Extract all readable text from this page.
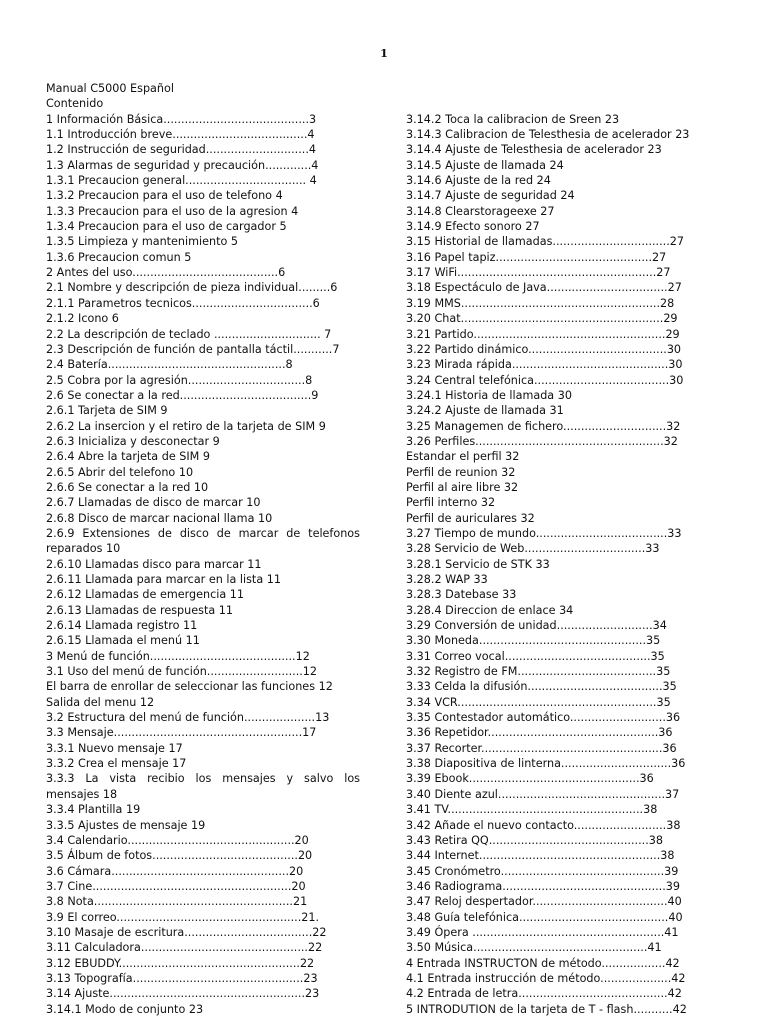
1
Manual C5000 Español
Contenido
1 Información Básica.........................................3
1.1 Introducción breve......................................4
1.2 Instrucción de seguridad.............................4
1.3 Alarmas de seguridad y precaución.............4
1.3.1 Precaucion general.................................. 4
1.3.2 Precaucion para el uso de telefono 4
1.3.3 Precaucion para el uso de la agresion 4
1.3.4 Precaucion para el uso de cargador 5
1.3.5 Limpieza y mantenimiento 5
1.3.6 Precaucion comun 5
2 Antes del uso.........................................6
2.1 Nombre y descripción de pieza individual.........6
2.1.1 Parametros tecnicos..................................6
2.1.2 Icono 6
2.2 La descripción de teclado .............................. 7
2.3 Descripción de función de pantalla táctil...........7
2.4 Batería..................................................8
2.5 Cobra por la agresión.................................8
2.6 Se conectar a la red.....................................9
2.6.1 Tarjeta de SIM 9
2.6.2 La insercion y el retiro de la tarjeta de SIM 9
2.6.3 Inicializa y desconectar 9
2.6.4 Abre la tarjeta de SIM 9
2.6.5 Abrir del telefono 10
2.6.6 Se conectar a la red 10
2.6.7 Llamadas de disco de marcar 10
2.6.8 Disco de marcar nacional llama 10
2.6.9 Extensiones de disco de marcar de telefonos
reparados 10
2.6.10 Llamadas disco para marcar 11
2.6.11 Llamada para marcar en la lista 11
2.6.12 Llamadas de emergencia 11
2.6.13 Llamadas de respuesta 11
2.6.14 Llamada registro 11
2.6.15 Llamada el menú 11
3 Menú de función.........................................12
3.1 Uso del menú de función...........................12
El barra de enrollar de seleccionar las funciones 12
Salida del menu 12
3.2 Estructura del menú de función....................13
3.3 Mensaje.....................................................17
3.3.1 Nuevo mensaje 17
3.3.2 Crea el mensaje 17
3.3.3 La vista recibio los mensajes y salvo los
mensajes 18
3.3.4 Plantilla 19
3.3.5 Ajustes de mensaje 19
3.4 Calendario...............................................20
3.5 Álbum de fotos.........................................20
3.6 Cámara..................................................20
3.7 Cine........................................................20
3.8 Nota........................................................21
3.9 El correo....................................................21.
3.10 Masaje de escritura....................................22
3.11 Calculadora...............................................22
3.12 EBUDDY...................................................22
3.13 Topografía................................................23
3.14 Ajuste.......................................................23
3.14.1 Modo de conjunto 23
3.14.2 Toca la calibracion de Sreen 23
3.14.3 Calibracion de Telesthesia de acelerador 23
3.14.4 Ajuste de Telesthesia de acelerador 23
3.14.5 Ajuste de llamada 24
3.14.6 Ajuste de la red 24
3.14.7 Ajuste de seguridad 24
3.14.8 Clearstorageexe 27
3.14.9 Efecto sonoro 27
3.15 Historial de llamadas.................................27
3.16 Papel tapiz............................................27
3.17 WiFi........................................................27
3.18 Espectáculo de Java..................................27
3.19 MMS........................................................28
3.20 Chat.........................................................29
3.21 Partido......................................................29
3.22 Partido dinámico.......................................30
3.23 Mirada rápida............................................30
3.24 Central telefónica......................................30
3.24.1 Historia de llamada 30
3.24.2 Ajuste de llamada 31
3.25 Managemen de fichero.............................32
3.26 Perfiles.....................................................32
Estandar el perfil 32
Perfil de reunion 32
Perfil al aire libre 32
Perfil interno 32
Perfil de auriculares 32
3.27 Tiempo de mundo.....................................33
3.28 Servicio de Web..................................33
3.28.1 Servicio de STK 33
3.28.2 WAP 33
3.28.3 Datebase 33
3.28.4 Direccion de enlace 34
3.29 Conversión de unidad...........................34
3.30 Moneda...............................................35
3.31 Correo vocal.........................................35
3.32 Registro de FM.......................................35
3.33 Celda la difusión......................................35
3.34 VCR........................................................35
3.35 Contestador automático...........................36
3.36 Repetidor................................................36
3.37 Recorter...................................................36
3.38 Diapositiva de linterna...............................36
3.39 Ebook................................................36
3.40 Diente azul...............................................37
3.41 TV.......................................................38
3.42 Añade el nuevo contacto..........................38
3.43 Retira QQ.............................................38
3.44 Internet...................................................38
3.45 Cronómetro..............................................39
3.46 Radiograma..............................................39
3.47 Reloj despertador......................................40
3.48 Guía telefónica..........................................40
3.49 Ópera ......................................................41
3.50 Música.................................................41
4 Entrada INSTRUCTON de método..................42
4.1 Entrada instrucción de método....................42
4.2 Entrada de letra..........................................42
5 INTRODUTION de la tarjeta de T - flash...........42
